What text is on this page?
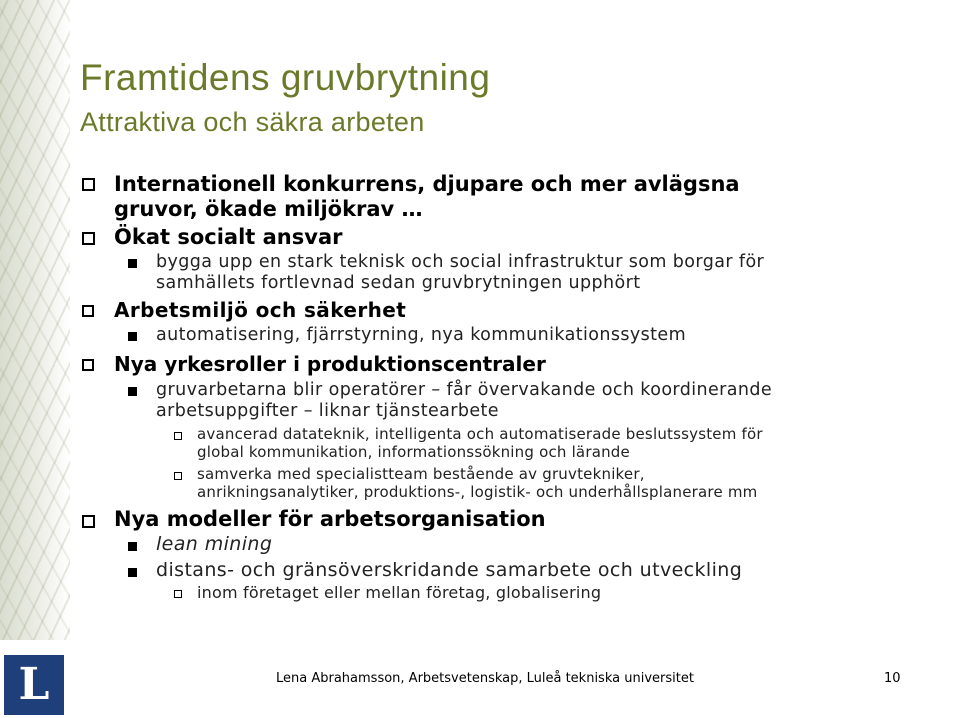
Framtidens gruvbrytning
Attraktiva och säkra arbeten
Internationell konkurrens, djupare och mer avlägsna
gruvor, ökade miljökrav …
Ökat socialt ansvar
bygga upp en stark teknisk och social infrastruktur som borgar för
samhällets fortlevnad sedan gruvbrytningen upphört
Arbetsmiljö och säkerhet
automatisering, fjärrstyrning, nya kommunikationssystem
Nya yrkesroller i produktionscentraler
gruvarbetarna blir operatörer – får övervakande och koordinerande
arbetsuppgifter – liknar tjänstearbete
avancerad datateknik, intelligenta och automatiserade beslutssystem för
global kommunikation, informationssökning och lärande
samverka med specialistteam bestående av gruvtekniker,
anrikningsanalytiker, produktions-, logistik- och underhållsplanerare mm
Nya modeller för arbetsorganisation
lean mining
distans- och gränsöverskridande samarbete och utveckling
inom företaget eller mellan företag, globalisering
L	Lena Abrahamsson, Arbetsvetenskap, Luleå tekniska universitet	10
